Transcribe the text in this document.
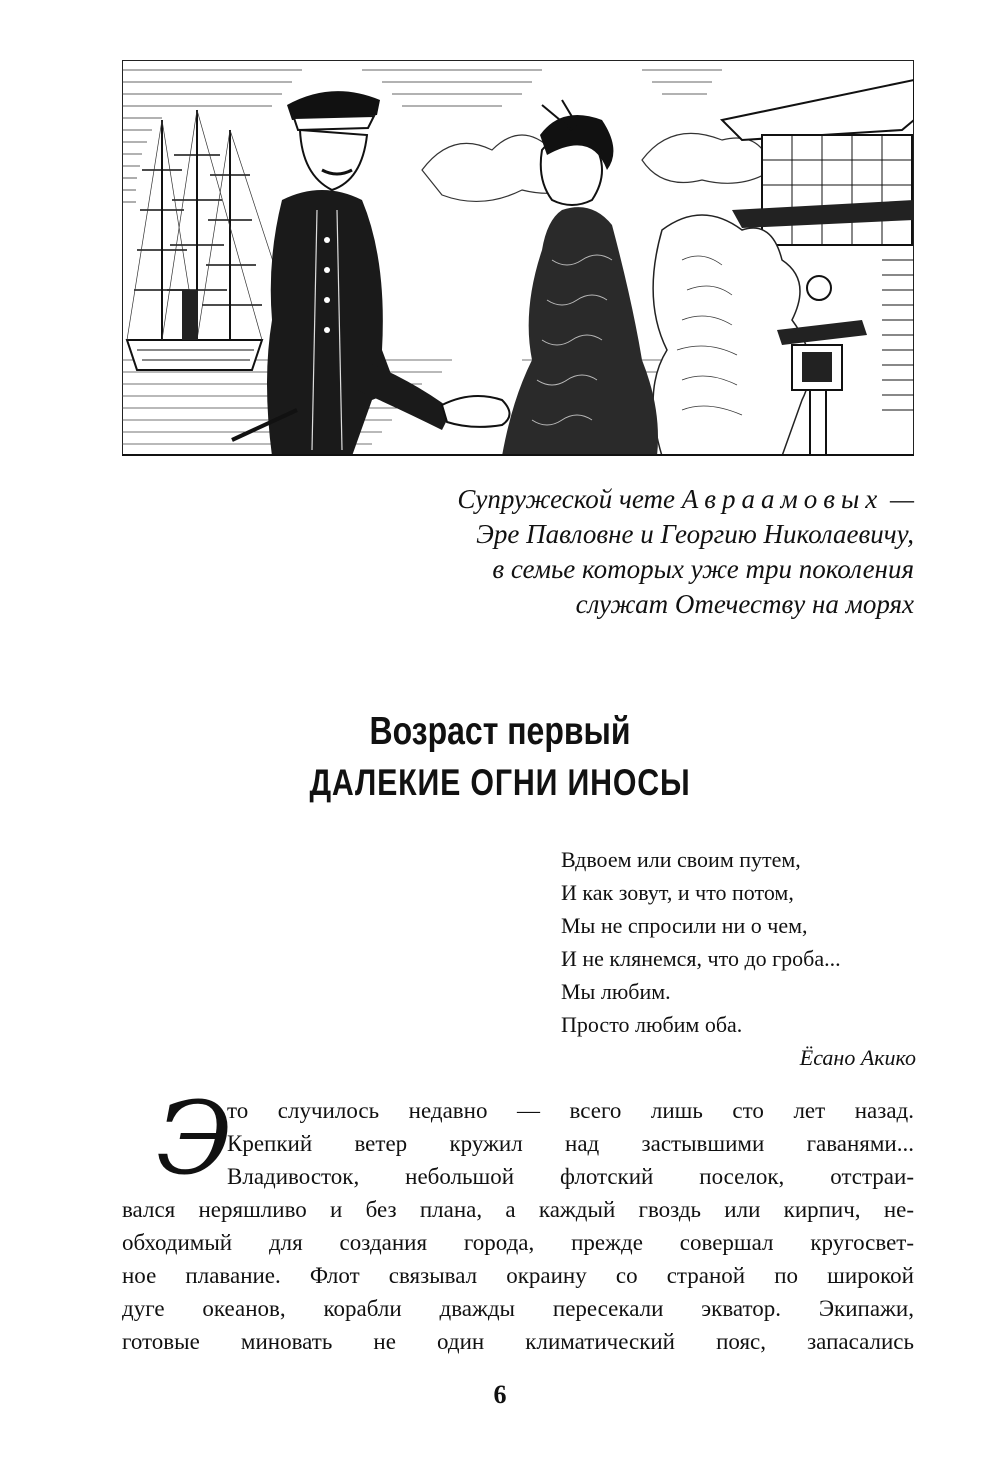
Супружеской чете Авраамовых —
Эре Павловне и Георгию Николаевичу,
в семье которых уже три поколения
служат Отечеству на морях
Возраст первый
ДАЛЕКИЕ ОГНИ ИНОСЫ
Вдвоем или своим путем,
И как зовут, и что потом,
Мы не спросили ни о чем,
И не клянемся, что до гроба...
Мы любим.
Просто любим оба.
Ёсано Акико
Э

то случилось недавно — всего лишь сто лет назад.

Крепкий ветер кружил над застывшими гаванями...

Владивосток, небольшой флотский поселок, отстраи-

вался неряшливо и без плана, а каждый гвоздь или кирпич, не-

обходимый для создания города, прежде совершал кругосвет-

ное плавание. Флот связывал окраину со страной по широкой

дуге океанов, корабли дважды пересекали экватор. Экипажи,

готовые миновать не один климатический пояс, запасались

6
